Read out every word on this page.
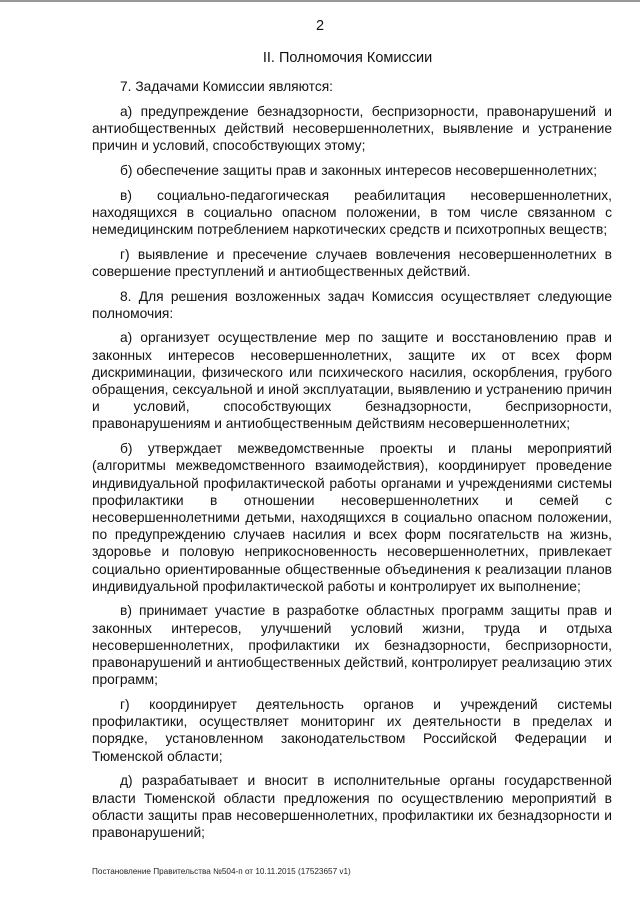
2
II. Полномочия Комиссии

7. Задачами Комиссии являются:

а) предупреждение безнадзорности, беспризорности, правонарушений и антиобщественных действий несовершеннолетних, выявление и устранение причин и условий, способствующих этому;

б) обеспечение защиты прав и законных интересов несовершеннолетних;

в) социально-педагогическая реабилитация несовершеннолетних, находящихся в социально опасном положении, в том числе связанном с немедицинским потреблением наркотических средств и психотропных веществ;

г) выявление и пресечение случаев вовлечения несовершеннолетних в совершение преступлений и антиобщественных действий.

8. Для решения возложенных задач Комиссия осуществляет следующие полномочия:

а) организует осуществление мер по защите и восстановлению прав и законных интересов несовершеннолетних, защите их от всех форм дискриминации, физического или психического насилия, оскорбления, грубого обращения, сексуальной и иной эксплуатации, выявлению и устранению причин и условий, способствующих безнадзорности, беспризорности, правонарушениям и антиобщественным действиям несовершеннолетних;

б) утверждает межведомственные проекты и планы мероприятий (алгоритмы межведомственного взаимодействия), координирует проведение индивидуальной профилактической работы органами и учреждениями системы профилактики в отношении несовершеннолетних и семей с несовершеннолетними детьми, находящихся в социально опасном положении, по предупреждению случаев насилия и всех форм посягательств на жизнь, здоровье и половую неприкосновенность несовершеннолетних, привлекает социально ориентированные общественные объединения к реализации планов индивидуальной профилактической работы и контролирует их выполнение;

в) принимает участие в разработке областных программ защиты прав и законных интересов, улучшений условий жизни, труда и отдыха несовершеннолетних, профилактики их безнадзорности, беспризорности, правонарушений и антиобщественных действий, контролирует реализацию этих программ;

г) координирует деятельность органов и учреждений системы профилактики, осуществляет мониторинг их деятельности в пределах и порядке, установленном законодательством Российской Федерации и Тюменской области;

д) разрабатывает и вносит в исполнительные органы государственной власти Тюменской области предложения по осуществлению мероприятий в области защиты прав несовершеннолетних, профилактики их безнадзорности и правонарушений;

Постановление Правительства №504-п от 10.11.2015 (17523657 v1)
